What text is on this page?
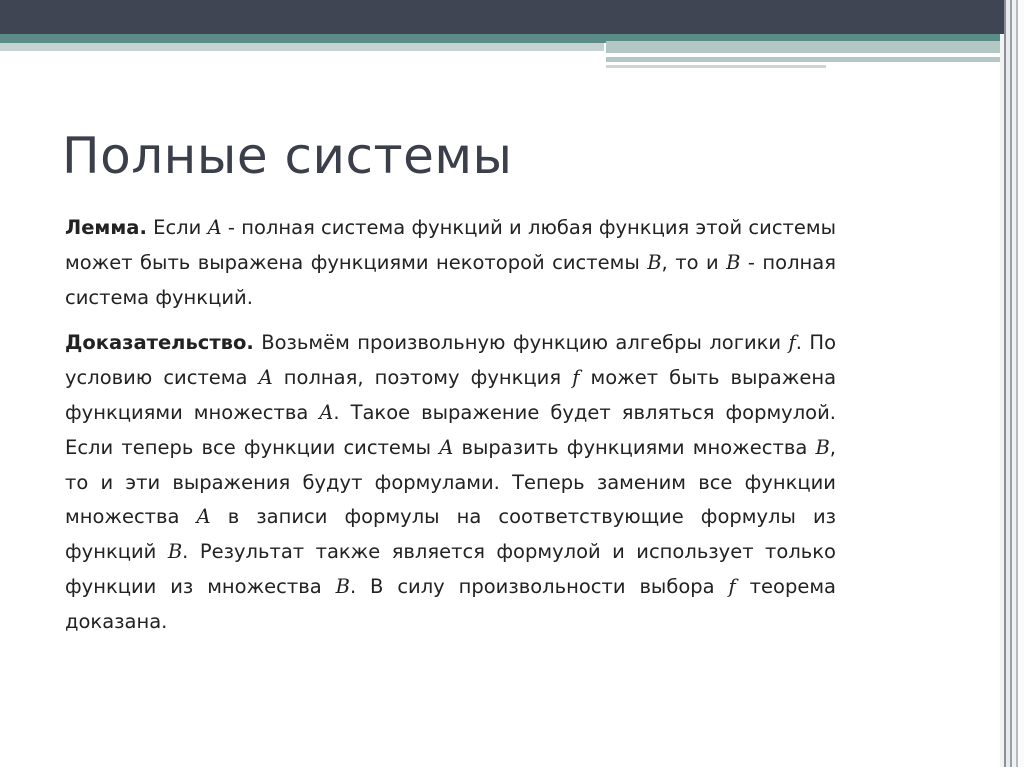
Полные системы

Лемма. Если A - полная система функций и любая функция этой системы может быть выражена функциями некоторой системы B, то и B - полная система функций.

Доказательство. Возьмём произвольную функцию алгебры логики f. По условию система A полная, поэтому функция f может быть выражена функциями множества A. Такое выражение будет являться формулой. Если теперь все функции системы A выразить функциями множества B, то и эти выражения будут формулами. Теперь заменим все функции множества A в записи формулы на соответствующие формулы из функций B. Результат также является формулой и использует только функции из множества B. В силу произвольности выбора f теорема доказана.
